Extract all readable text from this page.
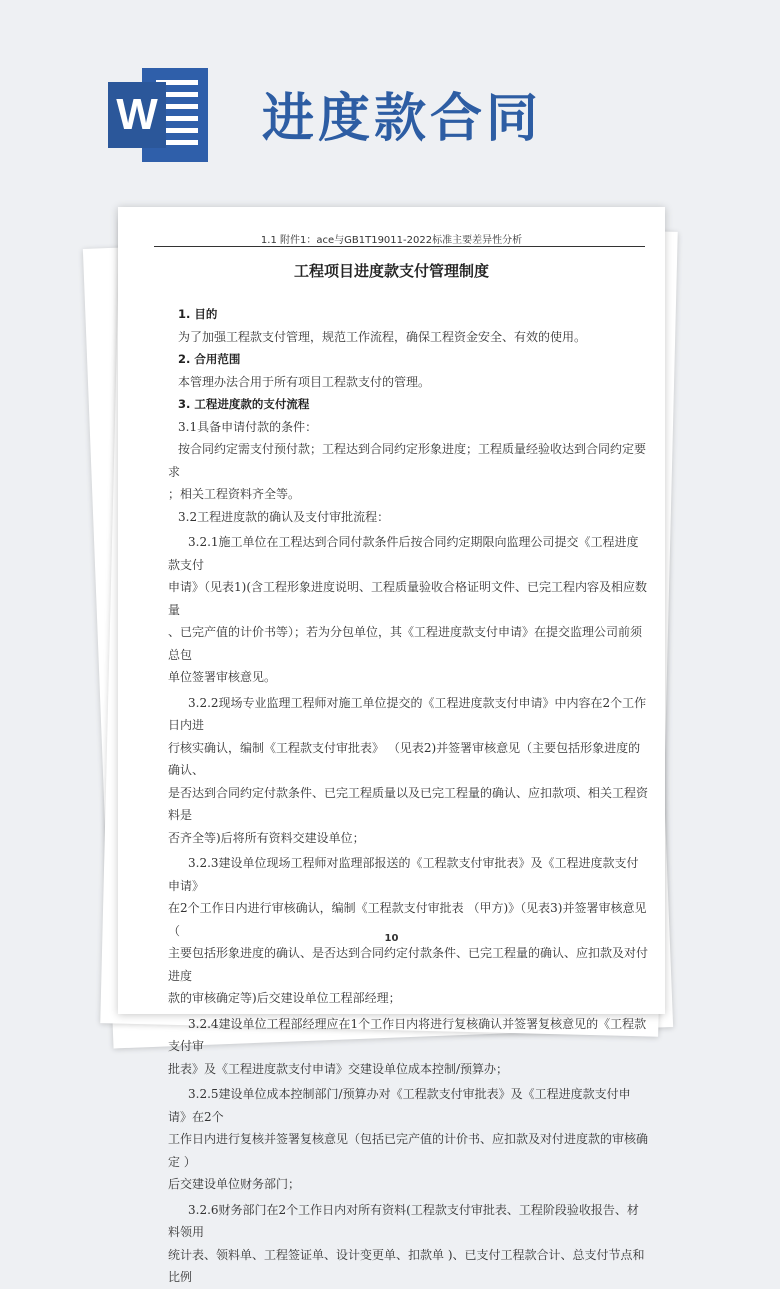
W 进度款合同
1.1 附件1：ace与GB1T19011-2022标准主要差异性分析
工程项目进度款支付管理制度

1. 目的

为了加强工程款支付管理，规范工作流程，确保工程资金安全、有效的使用。

2. 合用范围

本管理办法合用于所有项目工程款支付的管理。

3. 工程进度款的支付流程

3.1具备申请付款的条件：

按合同约定需支付预付款；工程达到合同约定形象进度；工程质量经验收达到合同约定要求

；相关工程资料齐全等。

3.2工程进度款的确认及支付审批流程：

3.2.1施工单位在工程达到合同付款条件后按合同约定期限向监理公司提交《工程进度款支付

申请》（见表1)(含工程形象进度说明、工程质量验收合格证明文件、已完工程内容及相应数量

、已完产值的计价书等）；若为分包单位，其《工程进度款支付申请》在提交监理公司前须总包

单位签署审核意见。

3.2.2现场专业监理工程师对施工单位提交的《工程进度款支付申请》中内容在2个工作日内进

行核实确认，编制《工程款支付审批表》 （见表2)并签署审核意见（主要包括形象进度的确认、

是否达到合同约定付款条件、已完工程质量以及已完工程量的确认、应扣款项、相关工程资料是

否齐全等)后将所有资料交建设单位；

3.2.3建设单位现场工程师对监理部报送的《工程款支付审批表》及《工程进度款支付申请》

在2个工作日内进行审核确认，编制《工程款支付审批表 （甲方)》（见表3)并签署审核意见（

主要包括形象进度的确认、是否达到合同约定付款条件、已完工程量的确认、应扣款及对付进度

款的审核确定等)后交建设单位工程部经理；

3.2.4建设单位工程部经理应在1个工作日内将进行复核确认并签署复核意见的《工程款支付审

批表》及《工程进度款支付申请》交建设单位成本控制/预算办；

3.2.5建设单位成本控制部门/预算办对《工程款支付审批表》及《工程进度款支付申请》在2个

工作日内进行复核并签署复核意见（包括已完产值的计价书、应扣款及对付进度款的审核确定 ）

后交建设单位财务部门；

3.2.6财务部门在2个工作日内对所有资料(工程款支付审批表、工程阶段验收报告、材料领用

统计表、领料单、工程签证单、设计变更单、扣款单 )、已支付工程款合计、总支付节点和比例

10
